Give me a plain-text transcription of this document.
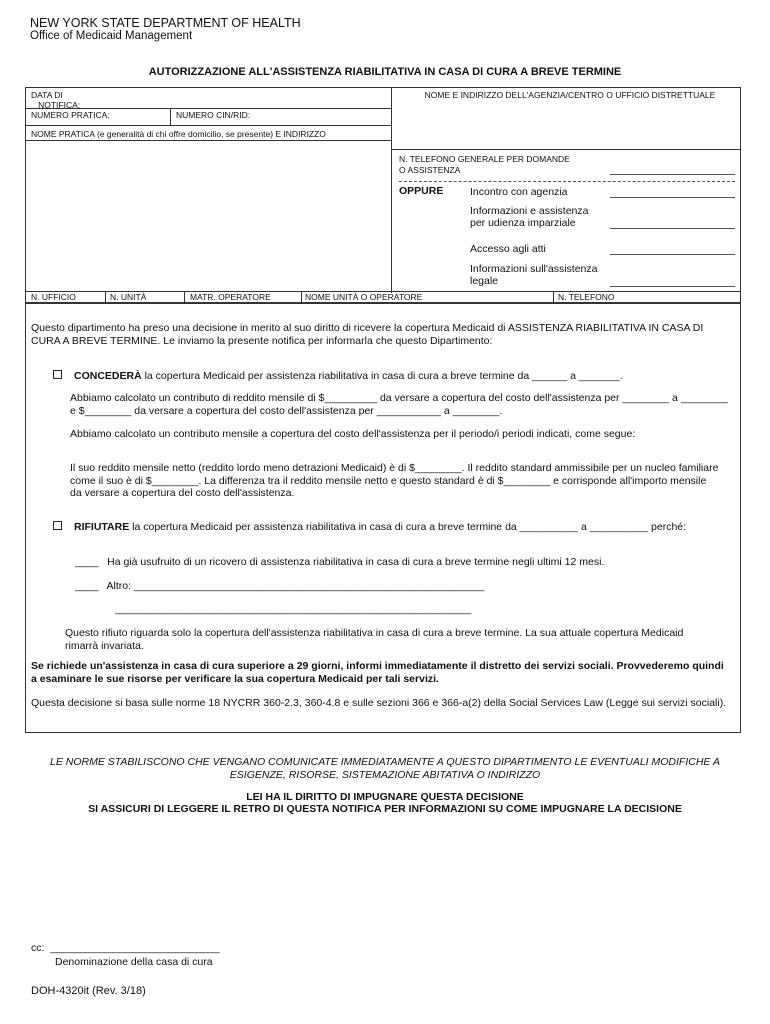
NEW YORK STATE DEPARTMENT OF HEALTH
Office of Medicaid Management
AUTORIZZAZIONE ALL'ASSISTENZA RIABILITATIVA IN CASA DI CURA A BREVE TERMINE
DATA DI
NOTIFICA:
NUMERO PRATICA:	NUMERO CIN/RID:
NOME PRATICA (e generalità di chi offre domicilio, se presente) E INDIRIZZO
NOME E INDIRIZZO DELL'AGENZIA/CENTRO O UFFICIO DISTRETTUALE
N. TELEFONO GENERALE PER DOMANDE
O ASSISTENZA
OPPURE	Incontro con agenzia
Informazioni e assistenza
per udienza imparziale
Accesso agli atti
Informazioni sull'assistenza
legale
N. UFFICIO	N. UNITÀ	MATR. OPERATORE	NOME UNITÀ O OPERATORE	N. TELEFONO
Questo dipartimento ha preso una decisione in merito al suo diritto di ricevere la copertura Medicaid di ASSISTENZA RIABILITATIVA IN CASA DI CURA A BREVE TERMINE. Le inviamo la presente notifica per informarla che questo Dipartimento:
CONCEDERÀ la copertura Medicaid per assistenza riabilitativa in casa di cura a breve termine da ______ a _______.
Abbiamo calcolato un contributo di reddito mensile di $_________ da versare a copertura del costo dell'assistenza per ________ a ________ e $________ da versare a copertura del costo dell'assistenza per ___________ a ________.
Abbiamo calcolato un contributo mensile a copertura del costo dell'assistenza per il periodo/i periodi indicati, come segue:
Il suo reddito mensile netto (reddito lordo meno detrazioni Medicaid) è di $________. Il reddito standard ammissibile per un nucleo familiare come il suo è di $________. La differenza tra il reddito mensile netto e questo standard è di $________ e corrisponde all'importo mensile da versare a copertura del costo dell'assistenza.
RIFIUTARE la copertura Medicaid per assistenza riabilitativa in casa di cura a breve termine da __________ a __________ perché:
____   Ha già usufruito di un ricovero di assistenza riabilitativa in casa di cura a breve termine negli ultimi 12 mesi.
____   Altro: ____________________________________________________________
_____________________________________________________________
Questo rifiuto riguarda solo la copertura dell'assistenza riabilitativa in casa di cura a breve termine. La sua attuale copertura Medicaid rimarrà invariata.
Se richiede un'assistenza in casa di cura superiore a 29 giorni, informi immediatamente il distretto dei servizi sociali. Provvederemo quindi a esaminare le sue risorse per verificare la sua copertura Medicaid per tali servizi.
Questa decisione si basa sulle norme 18 NYCRR 360-2.3, 360-4.8 e sulle sezioni 366 e 366-a(2) della Social Services Law (Legge sui servizi sociali).
LE NORME STABILISCONO CHE VENGANO COMUNICATE IMMEDIATAMENTE A QUESTO DIPARTIMENTO LE EVENTUALI MODIFICHE A ESIGENZE, RISORSE, SISTEMAZIONE ABITATIVA O INDIRIZZO
LEI HA IL DIRITTO DI IMPUGNARE QUESTA DECISIONE
SI ASSICURI DI LEGGERE IL RETRO DI QUESTA NOTIFICA PER INFORMAZIONI SU COME IMPUGNARE LA DECISIONE
cc:  _____________________________
Denominazione della casa di cura
DOH-4320it (Rev. 3/18)
